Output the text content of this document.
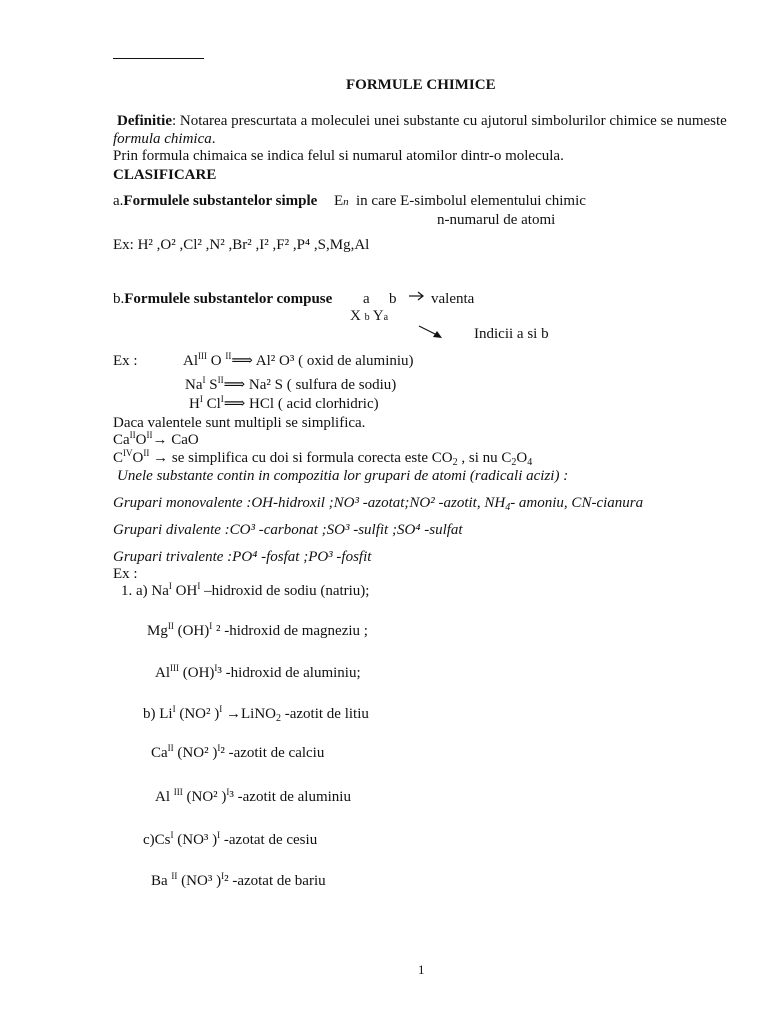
FORMULE CHIMICE
Definitie: Notarea prescurtata a moleculei unei substante cu ajutorul simbolurilor chimice se numeste
formula chimica.
Prin formula chimaica se indica felul si numarul atomilor dintr-o molecula.
CLASIFICARE
a.Formulele substantelor simple En in care E-simbolul elementului chimic
n-numarul de atomi
Ex: H² ,O² ,Cl² ,N² ,Br² ,I² ,F² ,P⁴ ,S,Mg,Al
b.Formulele substantelor compuse a b valenta
X b Ya
Indicii a si b
Ex :	$Al^{III}$ O $^{II}$⟹ Al² O³ ( oxid de aluminiu)
$Na^I$ $S^{II}⟹$ Na² S ( sulfura de sodiu)
$H^I$ $Cl^I⟹$ HCl ( acid clorhidric)
Daca valentele sunt multipli se simplifica.
$Ca^{II}O^{II}\to$ CaO
$C^{IV}O^{II}$ → se simplifica cu doi si formula corecta este $CO_2$ , si nu $C_2O_4$
Unele substante contin in compozitia lor grupari de atomi (radicali acizi) :
Grupari monovalente :OH-hidroxil ;NO³ -azotat;NO² -azotit, $NH_4-$ amoniu, CN-cianura
Grupari divalente :CO³ -carbonat ;SO³ -sulfit ;SO⁴ -sulfat
Grupari trivalente :PO⁴ -fosfat ;PO³ -fosfit
Ex :
1. a) $Na^I$ $OH^I$ –hidroxid de sodiu (natriu);
$Mg^{II}$ (OH)$^I$ ² -hidroxid de magneziu ;
$Al^{III}$ (OH)$^I$³ -hidroxid de aluminiu;
b) $Li^I$ (NO² )$^I$ →LiNO$_2$ -azotit de litiu
$Ca^{II}$ (NO² )$^I$² -azotit de calciu
Al $^{III}$ (NO² )$^I$³ -azotit de aluminiu
$c)Cs^I$ (NO³ )$^I$ -azotat de cesiu
Ba $^{II}$ (NO³ )$^I$² -azotat de bariu
1
